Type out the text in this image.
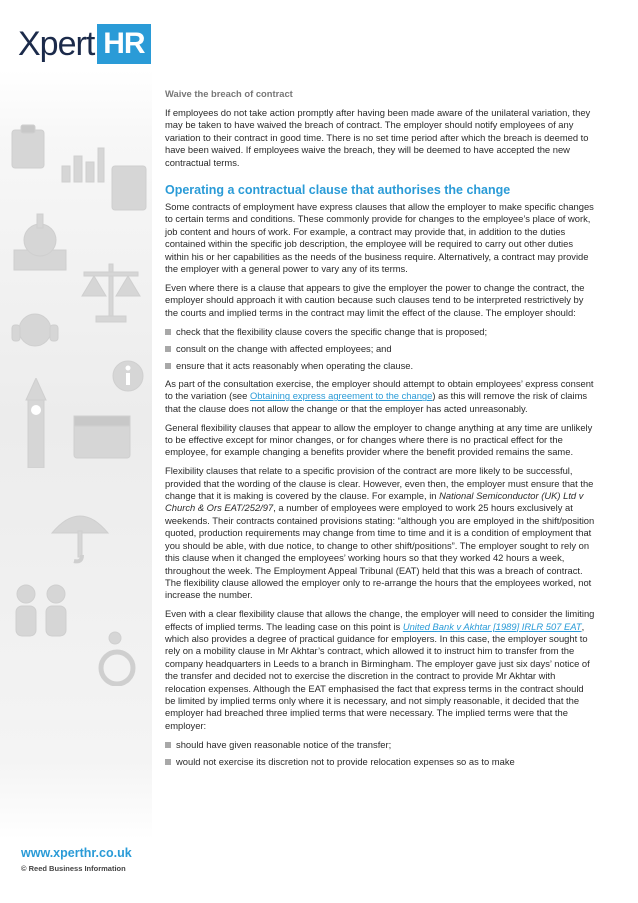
Xpert HR
www.xperthr.co.uk
© Reed Business Information

Waive the breach of contract

If employees do not take action promptly after having been made aware of the unilateral variation, they may be taken to have waived the breach of contract. The employer should notify employees of any variation to their contract in good time. There is no set time period after which the breach is deemed to have been waived. If employees waive the breach, they will be deemed to have accepted the new contractual terms.

Operating a contractual clause that authorises the change

Some contracts of employment have express clauses that allow the employer to make specific changes to certain terms and conditions. These commonly provide for changes to the employee’s place of work, job content and hours of work. For example, a contract may provide that, in addition to the duties contained within the specific job description, the employee will be required to carry out other duties within his or her capabilities as the needs of the business require. Alternatively, a contract may provide the employer with a general power to vary any of its terms.

Even where there is a clause that appears to give the employer the power to change the contract, the employer should approach it with caution because such clauses tend to be interpreted restrictively by the courts and implied terms in the contract may limit the effect of the clause. The employer should:

check that the flexibility clause covers the specific change that is proposed;
consult on the change with affected employees; and
ensure that it acts reasonably when operating the clause.

As part of the consultation exercise, the employer should attempt to obtain employees’ express consent to the variation (see Obtaining express agreement to the change) as this will remove the risk of claims that the clause does not allow the change or that the employer has acted unreasonably.

General flexibility clauses that appear to allow the employer to change anything at any time are unlikely to be effective except for minor changes, or for changes where there is no practical effect for the employee, for example changing a benefits provider where the benefit provided remains the same.

Flexibility clauses that relate to a specific provision of the contract are more likely to be successful, provided that the wording of the clause is clear. However, even then, the employer must ensure that the change that it is making is covered by the clause. For example, in National Semiconductor (UK) Ltd v Church & Ors EAT/252/97, a number of employees were employed to work 25 hours exclusively at weekends. Their contracts contained provisions stating: “although you are employed in the shift/position quoted, production requirements may change from time to time and it is a condition of employment that you should be able, with due notice, to change to other shift/positions”. The employer sought to rely on this clause when it changed the employees’ working hours so that they worked 42 hours a week, throughout the week. The Employment Appeal Tribunal (EAT) held that this was a breach of contract. The flexibility clause allowed the employer only to re-arrange the hours that the employees worked, not increase the number.

Even with a clear flexibility clause that allows the change, the employer will need to consider the limiting effects of implied terms. The leading case on this point is United Bank v Akhtar [1989] IRLR 507 EAT, which also provides a degree of practical guidance for employers. In this case, the employer sought to rely on a mobility clause in Mr Akhtar’s contract, which allowed it to instruct him to transfer from the company headquarters in Leeds to a branch in Birmingham. The employer gave just six days’ notice of the transfer and decided not to exercise the discretion in the contract to provide Mr Akhtar with relocation expenses. Although the EAT emphasised the fact that express terms in the contract should be limited by implied terms only where it is necessary, and not simply reasonable, it decided that the employer had breached three implied terms that were necessary. The implied terms were that the employer:

should have given reasonable notice of the transfer;
would not exercise its discretion not to provide relocation expenses so as to make
